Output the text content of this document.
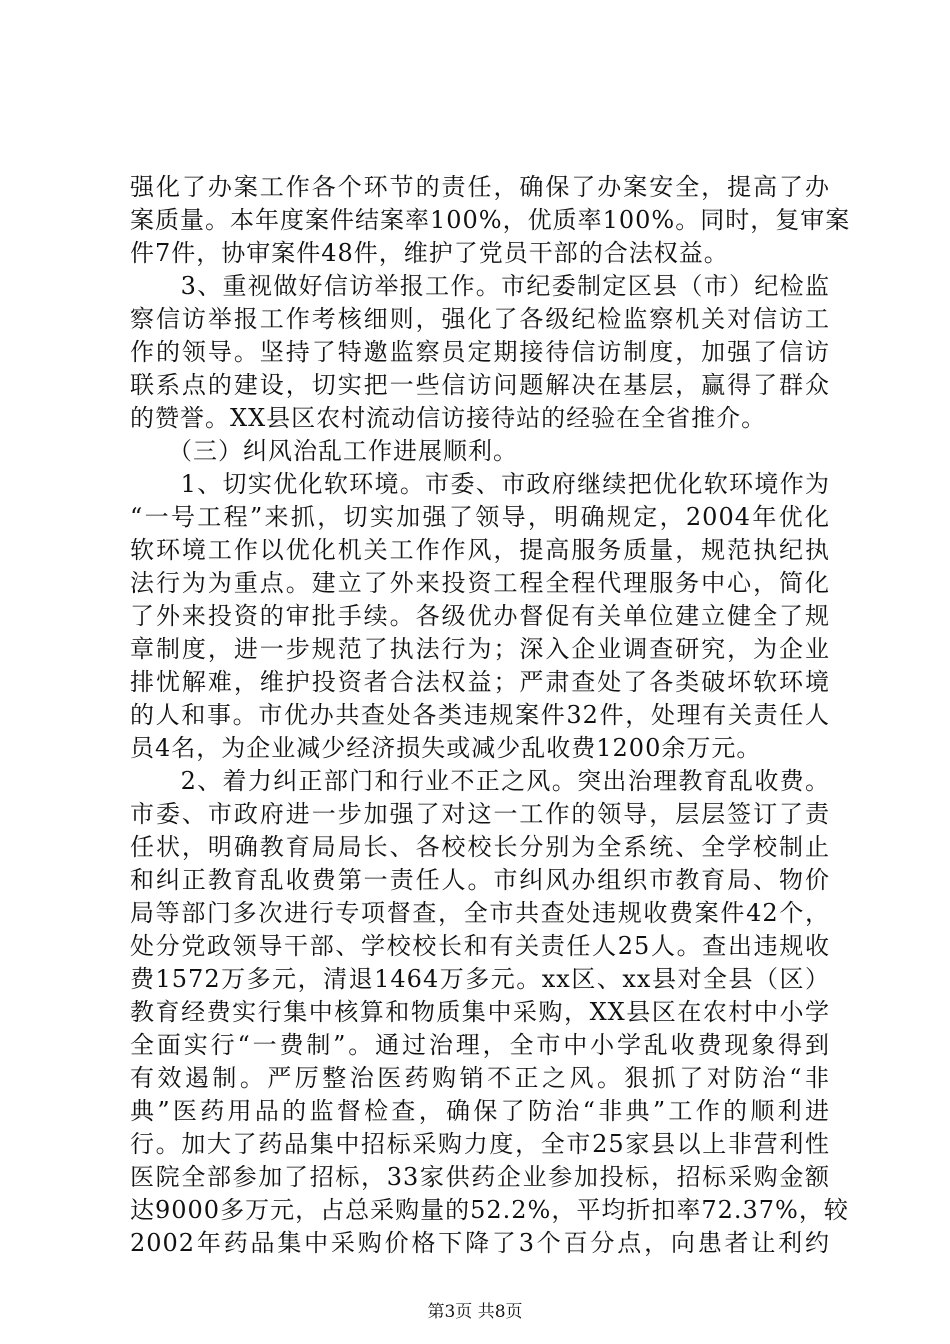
强化了办案工作各个环节的责任，确保了办案安全，提高了办
案质量。本年度案件结案率100%，优质率100%。同时，复审案
件7件，协审案件48件，维护了党员干部的合法权益。
　　3、重视做好信访举报工作。市纪委制定区县（市）纪检监
察信访举报工作考核细则，强化了各级纪检监察机关对信访工
作的领导。坚持了特邀监察员定期接待信访制度，加强了信访
联系点的建设，切实把一些信访问题解决在基层，赢得了群众
的赞誉。XX县区农村流动信访接待站的经验在全省推介。
　　（三）纠风治乱工作进展顺利。
　　1、切实优化软环境。市委、市政府继续把优化软环境作为
“一号工程”来抓，切实加强了领导，明确规定，2004年优化
软环境工作以优化机关工作作风，提高服务质量，规范执纪执
法行为为重点。建立了外来投资工程全程代理服务中心，简化
了外来投资的审批手续。各级优办督促有关单位建立健全了规
章制度，进一步规范了执法行为；深入企业调查研究，为企业
排忧解难，维护投资者合法权益；严肃查处了各类破坏软环境
的人和事。市优办共查处各类违规案件32件，处理有关责任人
员4名，为企业减少经济损失或减少乱收费1200余万元。
　　2、着力纠正部门和行业不正之风。突出治理教育乱收费。
市委、市政府进一步加强了对这一工作的领导，层层签订了责
任状，明确教育局局长、各校校长分别为全系统、全学校制止
和纠正教育乱收费第一责任人。市纠风办组织市教育局、物价
局等部门多次进行专项督查，全市共查处违规收费案件42个，
处分党政领导干部、学校校长和有关责任人25人。查出违规收
费1572万多元，清退1464万多元。xx区、xx县对全县（区）
教育经费实行集中核算和物质集中采购，XX县区在农村中小学
全面实行“一费制”。通过治理，全市中小学乱收费现象得到
有效遏制。严厉整治医药购销不正之风。狠抓了对防治“非
典”医药用品的监督检查，确保了防治“非典”工作的顺利进
行。加大了药品集中招标采购力度，全市25家县以上非营利性
医院全部参加了招标，33家供药企业参加投标，招标采购金额
达9000多万元，占总采购量的52.2%，平均折扣率72.37%，较
2002年药品集中采购价格下降了3个百分点，向患者让利约
第3页 共8页
